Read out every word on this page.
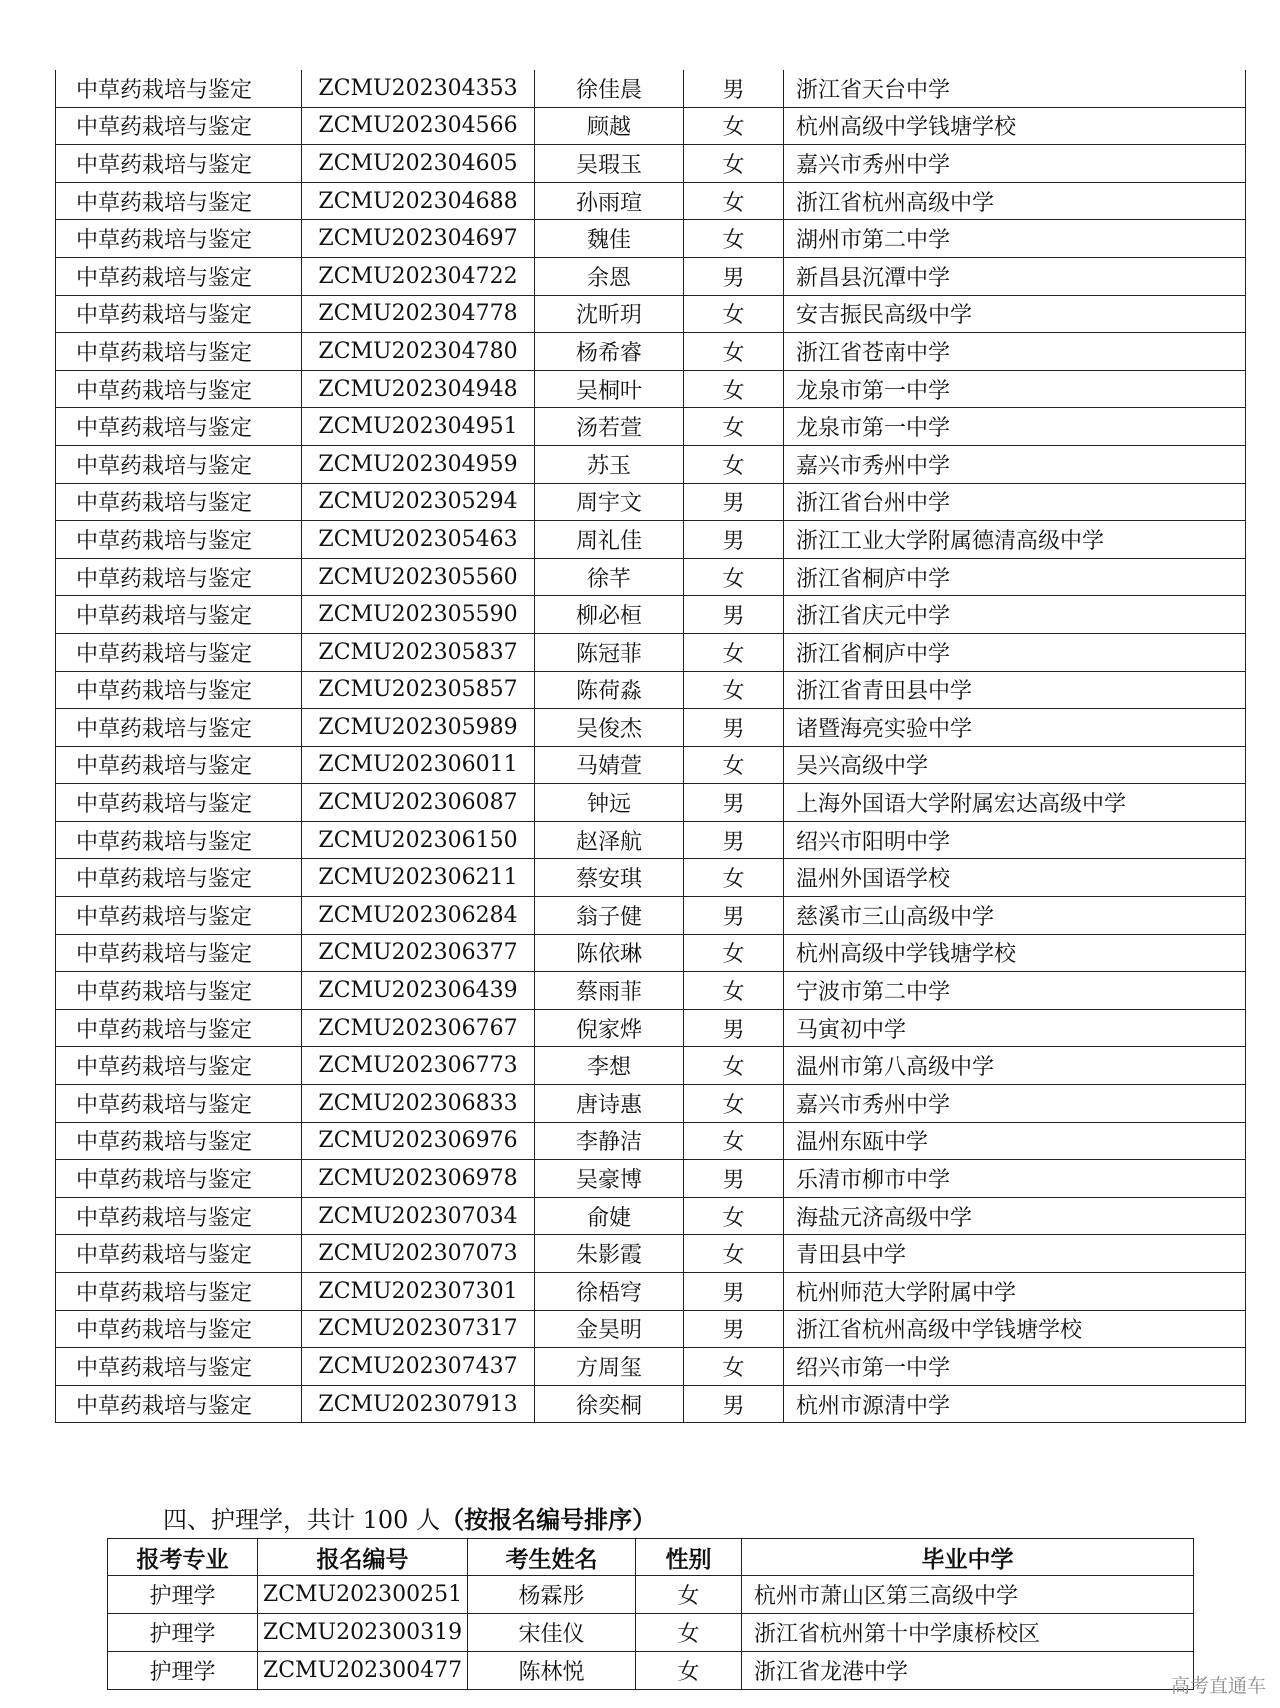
中草药栽培与鉴定	ZCMU202304353	徐佳晨	男	浙江省天台中学
中草药栽培与鉴定	ZCMU202304566	顾越	女	杭州高级中学钱塘学校
中草药栽培与鉴定	ZCMU202304605	吴瑕玉	女	嘉兴市秀州中学
中草药栽培与鉴定	ZCMU202304688	孙雨瑄	女	浙江省杭州高级中学
中草药栽培与鉴定	ZCMU202304697	魏佳	女	湖州市第二中学
中草药栽培与鉴定	ZCMU202304722	余恩	男	新昌县沉潭中学
中草药栽培与鉴定	ZCMU202304778	沈昕玥	女	安吉振民高级中学
中草药栽培与鉴定	ZCMU202304780	杨希睿	女	浙江省苍南中学
中草药栽培与鉴定	ZCMU202304948	吴桐叶	女	龙泉市第一中学
中草药栽培与鉴定	ZCMU202304951	汤若萱	女	龙泉市第一中学
中草药栽培与鉴定	ZCMU202304959	苏玉	女	嘉兴市秀州中学
中草药栽培与鉴定	ZCMU202305294	周宇文	男	浙江省台州中学
中草药栽培与鉴定	ZCMU202305463	周礼佳	男	浙江工业大学附属德清高级中学
中草药栽培与鉴定	ZCMU202305560	徐芊	女	浙江省桐庐中学
中草药栽培与鉴定	ZCMU202305590	柳必桓	男	浙江省庆元中学
中草药栽培与鉴定	ZCMU202305837	陈冠菲	女	浙江省桐庐中学
中草药栽培与鉴定	ZCMU202305857	陈荷淼	女	浙江省青田县中学
中草药栽培与鉴定	ZCMU202305989	吴俊杰	男	诸暨海亮实验中学
中草药栽培与鉴定	ZCMU202306011	马婧萱	女	吴兴高级中学
中草药栽培与鉴定	ZCMU202306087	钟远	男	上海外国语大学附属宏达高级中学
中草药栽培与鉴定	ZCMU202306150	赵泽航	男	绍兴市阳明中学
中草药栽培与鉴定	ZCMU202306211	蔡安琪	女	温州外国语学校
中草药栽培与鉴定	ZCMU202306284	翁子健	男	慈溪市三山高级中学
中草药栽培与鉴定	ZCMU202306377	陈依琳	女	杭州高级中学钱塘学校
中草药栽培与鉴定	ZCMU202306439	蔡雨菲	女	宁波市第二中学
中草药栽培与鉴定	ZCMU202306767	倪家烨	男	马寅初中学
中草药栽培与鉴定	ZCMU202306773	李想	女	温州市第八高级中学
中草药栽培与鉴定	ZCMU202306833	唐诗惠	女	嘉兴市秀州中学
中草药栽培与鉴定	ZCMU202306976	李静洁	女	温州东瓯中学
中草药栽培与鉴定	ZCMU202306978	吴豪博	男	乐清市柳市中学
中草药栽培与鉴定	ZCMU202307034	俞婕	女	海盐元济高级中学
中草药栽培与鉴定	ZCMU202307073	朱影霞	女	青田县中学
中草药栽培与鉴定	ZCMU202307301	徐梧穹	男	杭州师范大学附属中学
中草药栽培与鉴定	ZCMU202307317	金昊明	男	浙江省杭州高级中学钱塘学校
中草药栽培与鉴定	ZCMU202307437	方周玺	女	绍兴市第一中学
中草药栽培与鉴定	ZCMU202307913	徐奕桐	男	杭州市源清中学
四、护理学，共计 100 人（按报名编号排序）
报考专业	报名编号	考生姓名	性别	毕业中学
护理学	ZCMU202300251	杨霖彤	女	杭州市萧山区第三高级中学
护理学	ZCMU202300319	宋佳仪	女	浙江省杭州第十中学康桥校区
护理学	ZCMU202300477	陈林悦	女	浙江省龙港中学
高考直通车
